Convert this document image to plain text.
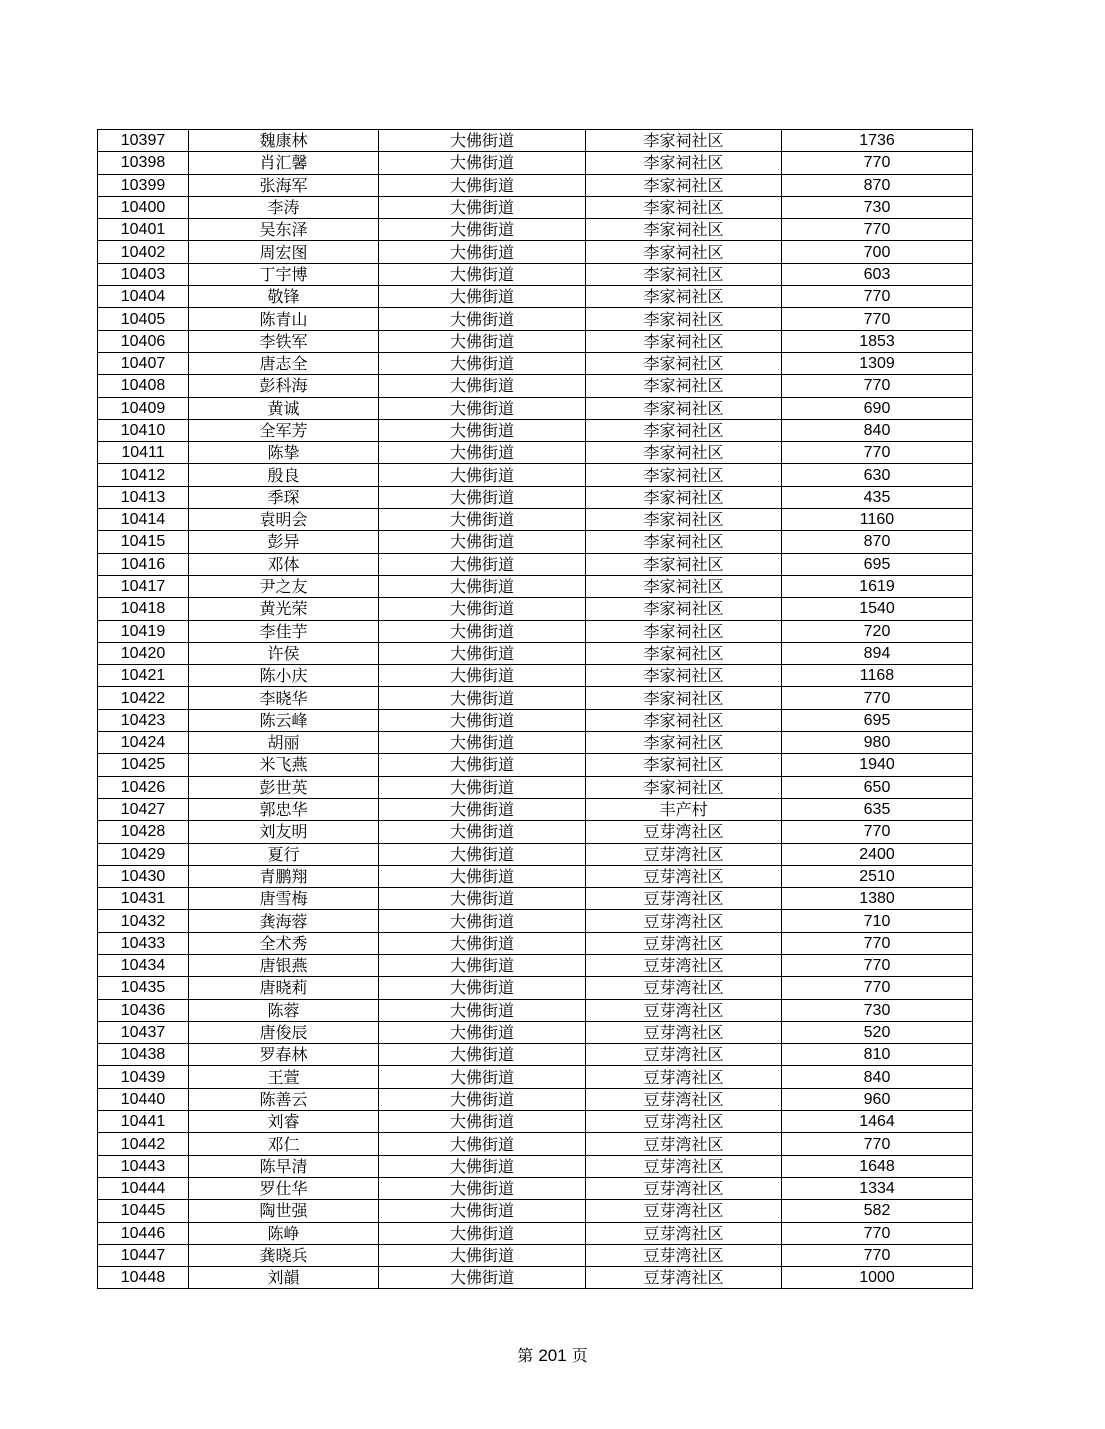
10397	魏康林	大佛街道	李家祠社区	1736
10398	肖汇馨	大佛街道	李家祠社区	770
10399	张海军	大佛街道	李家祠社区	870
10400	李涛	大佛街道	李家祠社区	730
10401	吴东泽	大佛街道	李家祠社区	770
10402	周宏图	大佛街道	李家祠社区	700
10403	丁宇博	大佛街道	李家祠社区	603
10404	敬锋	大佛街道	李家祠社区	770
10405	陈青山	大佛街道	李家祠社区	770
10406	李铁军	大佛街道	李家祠社区	1853
10407	唐志全	大佛街道	李家祠社区	1309
10408	彭科海	大佛街道	李家祠社区	770
10409	黄诚	大佛街道	李家祠社区	690
10410	全军芳	大佛街道	李家祠社区	840
10411	陈挚	大佛街道	李家祠社区	770
10412	殷良	大佛街道	李家祠社区	630
10413	季琛	大佛街道	李家祠社区	435
10414	袁明会	大佛街道	李家祠社区	1160
10415	彭异	大佛街道	李家祠社区	870
10416	邓体	大佛街道	李家祠社区	695
10417	尹之友	大佛街道	李家祠社区	1619
10418	黄光荣	大佛街道	李家祠社区	1540
10419	李佳芋	大佛街道	李家祠社区	720
10420	许侯	大佛街道	李家祠社区	894
10421	陈小庆	大佛街道	李家祠社区	1168
10422	李晓华	大佛街道	李家祠社区	770
10423	陈云峰	大佛街道	李家祠社区	695
10424	胡丽	大佛街道	李家祠社区	980
10425	米飞燕	大佛街道	李家祠社区	1940
10426	彭世英	大佛街道	李家祠社区	650
10427	郭忠华	大佛街道	丰产村	635
10428	刘友明	大佛街道	豆芽湾社区	770
10429	夏行	大佛街道	豆芽湾社区	2400
10430	青鹏翔	大佛街道	豆芽湾社区	2510
10431	唐雪梅	大佛街道	豆芽湾社区	1380
10432	龚海蓉	大佛街道	豆芽湾社区	710
10433	全术秀	大佛街道	豆芽湾社区	770
10434	唐银燕	大佛街道	豆芽湾社区	770
10435	唐晓莉	大佛街道	豆芽湾社区	770
10436	陈蓉	大佛街道	豆芽湾社区	730
10437	唐俊辰	大佛街道	豆芽湾社区	520
10438	罗春林	大佛街道	豆芽湾社区	810
10439	王萱	大佛街道	豆芽湾社区	840
10440	陈善云	大佛街道	豆芽湾社区	960
10441	刘睿	大佛街道	豆芽湾社区	1464
10442	邓仁	大佛街道	豆芽湾社区	770
10443	陈早清	大佛街道	豆芽湾社区	1648
10444	罗仕华	大佛街道	豆芽湾社区	1334
10445	陶世强	大佛街道	豆芽湾社区	582
10446	陈峥	大佛街道	豆芽湾社区	770
10447	龚晓兵	大佛街道	豆芽湾社区	770
10448	刘韻	大佛街道	豆芽湾社区	1000
第 201 页
